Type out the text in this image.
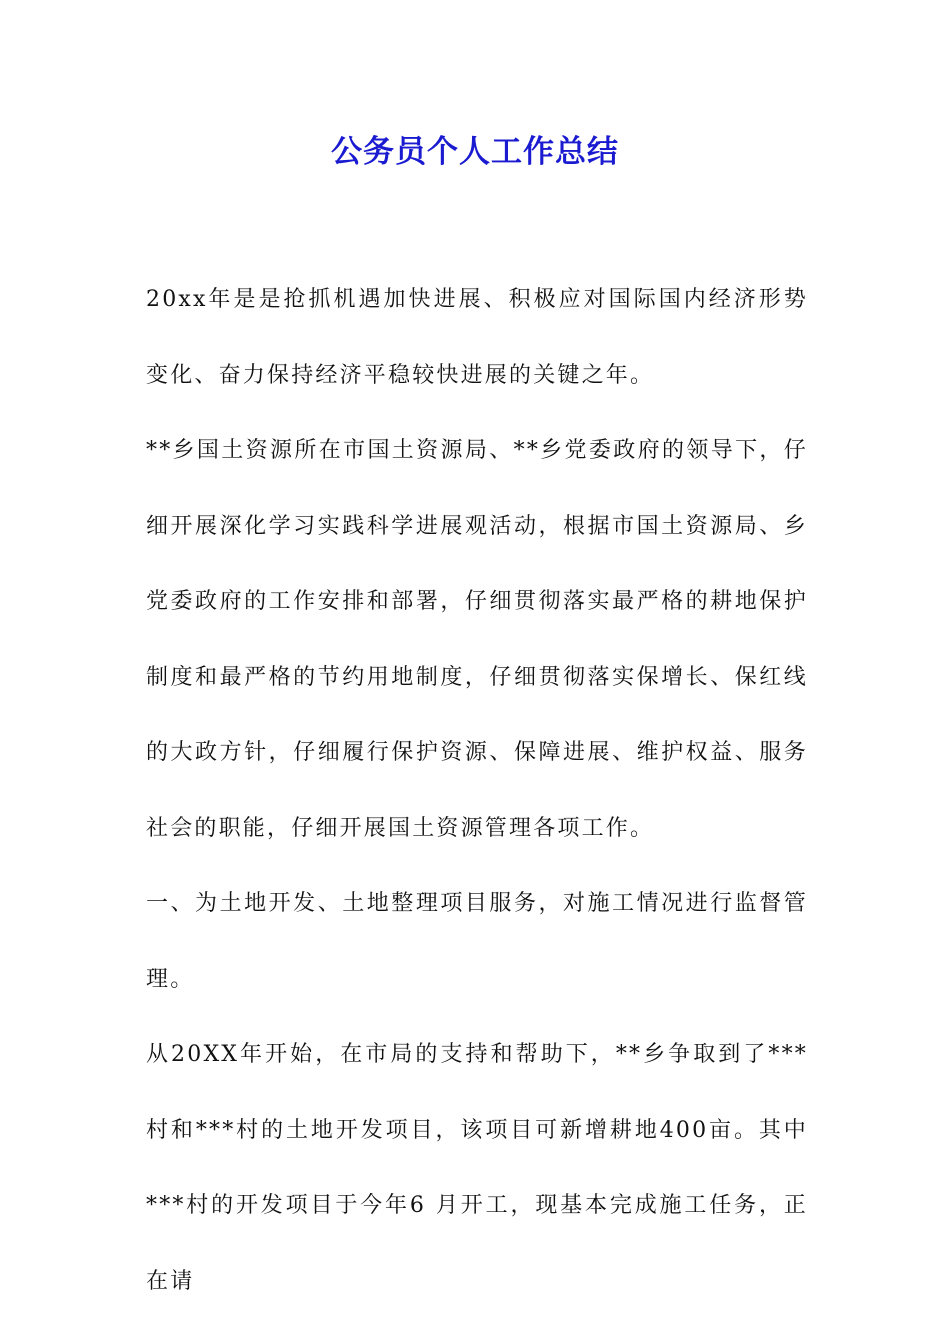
公务员个人工作总结

20xx年是是抢抓机遇加快进展、积极应对国际国内经济形势变化、奋力保持经济平稳较快进展的关键之年。

**乡国土资源所在市国土资源局、**乡党委政府的领导下，仔细开展深化学习实践科学进展观活动，根据市国土资源局、乡党委政府的工作安排和部署，仔细贯彻落实最严格的耕地保护制度和最严格的节约用地制度，仔细贯彻落实保增长、保红线的大政方针，仔细履行保护资源、保障进展、维护权益、服务社会的职能，仔细开展国土资源管理各项工作。

一、为土地开发、土地整理项目服务，对施工情况进行监督管理。

从20XX年开始，在市局的支持和帮助下，**乡争取到了***村和***村的土地开发项目，该项目可新增耕地400亩。其中***村的开发项目于今年6 月开工，现基本完成施工任务，正在请
